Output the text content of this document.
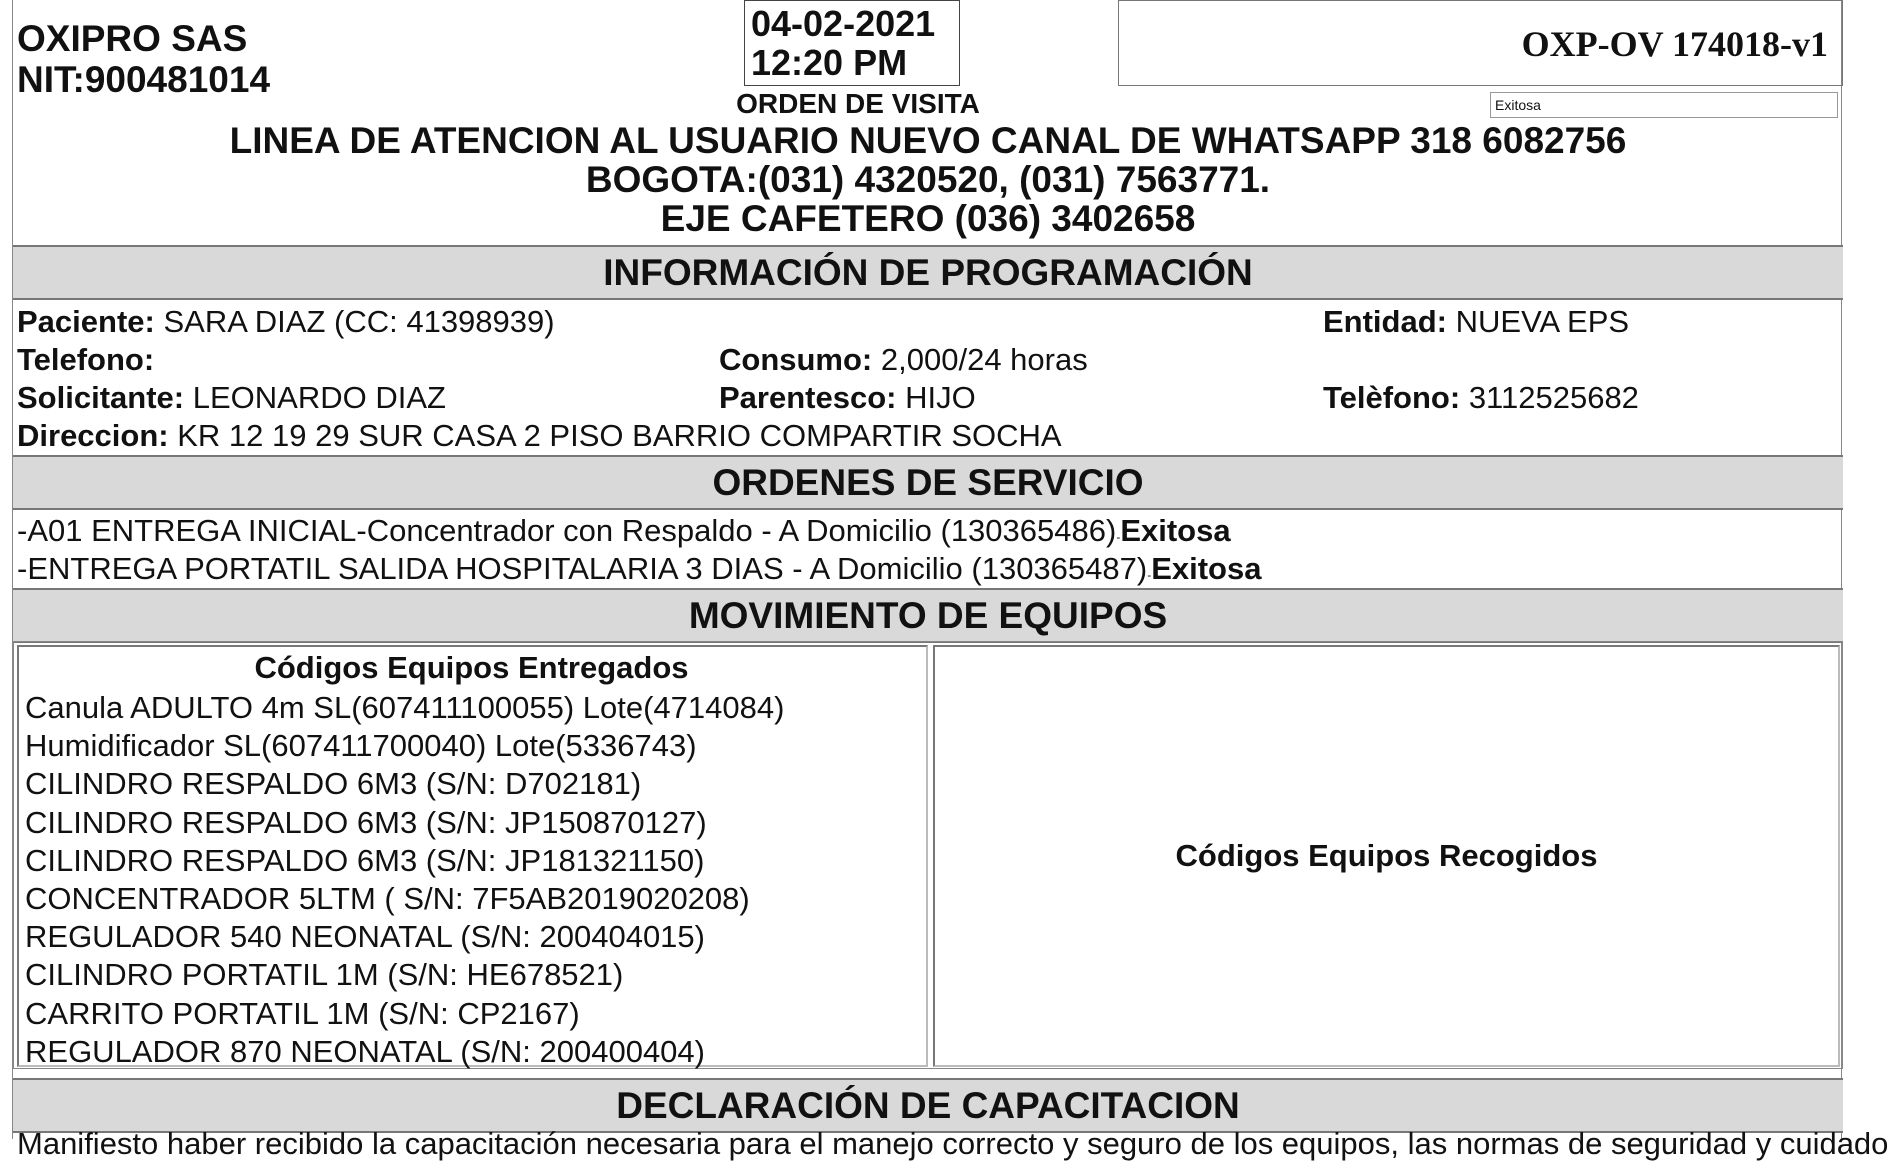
OXIPRO SAS
NIT:900481014
04-02-2021
12:20 PM
ORDEN DE VISITA
OXP-OV 174018-v1
Exitosa
LINEA DE ATENCION AL USUARIO NUEVO CANAL DE WHATSAPP 318 6082756
BOGOTA:(031) 4320520, (031) 7563771.
EJE CAFETERO (036) 3402658
INFORMACIÓN DE PROGRAMACIÓN
Paciente: SARA DIAZ (CC: 41398939)	Entidad: NUEVA EPS
Telefono:	Consumo: 2,000/24 horas
Solicitante: LEONARDO DIAZ	Parentesco: HIJO	Telèfono: 3112525682
Direccion: KR 12 19 29 SUR CASA 2 PISO BARRIO COMPARTIR SOCHA
ORDENES DE SERVICIO
-A01 ENTREGA INICIAL-Concentrador con Respaldo - A Domicilio (130365486)-Exitosa
-ENTREGA PORTATIL SALIDA HOSPITALARIA 3 DIAS - A Domicilio (130365487)-Exitosa
MOVIMIENTO DE EQUIPOS
Códigos Equipos Entregados
Canula ADULTO 4m SL(607411100055) Lote(4714084)
Humidificador SL(607411700040) Lote(5336743)
CILINDRO RESPALDO 6M3 (S/N: D702181)
CILINDRO RESPALDO 6M3 (S/N: JP150870127)
CILINDRO RESPALDO 6M3 (S/N: JP181321150)
CONCENTRADOR 5LTM ( S/N: 7F5AB2019020208)
REGULADOR 540 NEONATAL (S/N: 200404015)
CILINDRO PORTATIL 1M (S/N: HE678521)
CARRITO PORTATIL 1M (S/N: CP2167)
REGULADOR 870 NEONATAL (S/N: 200400404)
Códigos Equipos Recogidos
DECLARACIÓN DE CAPACITACION
Manifiesto haber recibido la capacitación necesaria para el manejo correcto y seguro de los equipos, las normas de seguridad y cuidado
